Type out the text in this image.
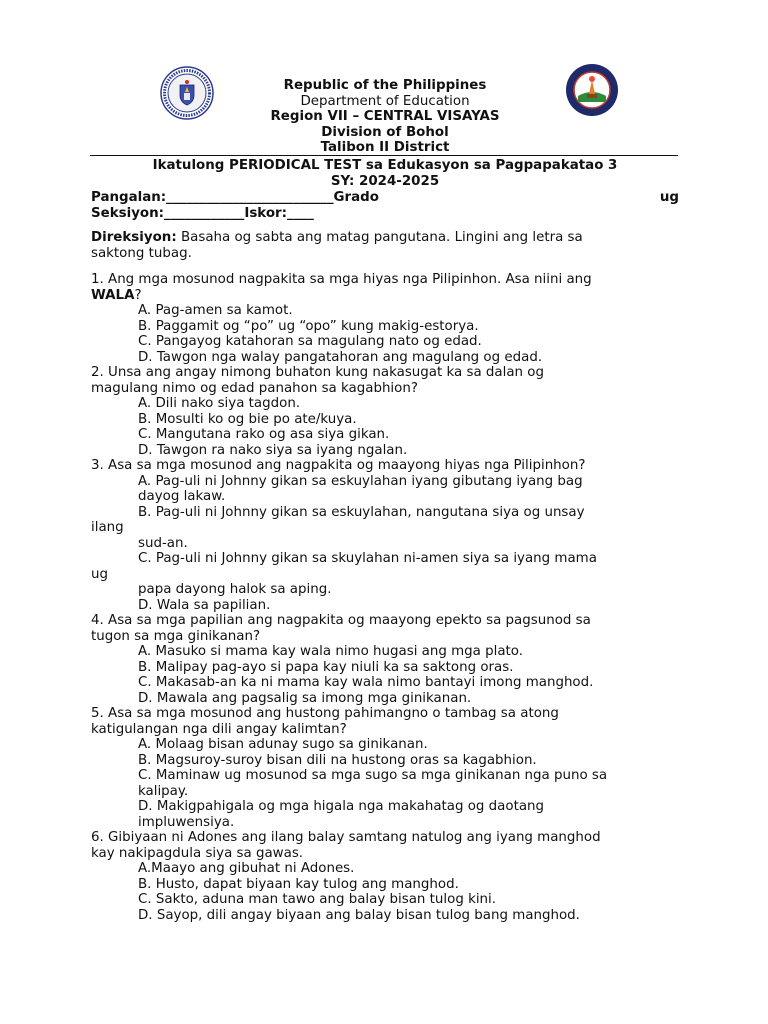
Republic of the Philippines
Department of Education
Region VII – CENTRAL VISAYAS
Division of Bohol
Talibon II District
Ikatulong PERIODICAL TEST sa Edukasyon sa Pagpapakatao 3
SY: 2024-2025
Pangalan:_________________________Grado	ug
Seksiyon:____________Iskor:____
Direksiyon: Basaha og sabta ang matag pangutana. Lingini ang letra sa
saktong tubag.
1. Ang mga mosunod nagpakita sa mga hiyas nga Pilipinhon. Asa niini ang
WALA?
A. Pag-amen sa kamot.
B. Paggamit og “po” ug “opo” kung makig-estorya.
C. Pangayog katahoran sa magulang nato og edad.
D. Tawgon nga walay pangatahoran ang magulang og edad.
2. Unsa ang angay nimong buhaton kung nakasugat ka sa dalan og
magulang nimo og edad panahon sa kagabhion?
A. Dili nako siya tagdon.
B. Mosulti ko og bie po ate/kuya.
C. Mangutana rako og asa siya gikan.
D. Tawgon ra nako siya sa iyang ngalan.
3. Asa sa mga mosunod ang nagpakita og maayong hiyas nga Pilipinhon?
A. Pag-uli ni Johnny gikan sa eskuylahan iyang gibutang iyang bag
dayog lakaw.
B. Pag-uli ni Johnny gikan sa eskuylahan, nangutana siya og unsay
ilang
sud-an.
C. Pag-uli ni Johnny gikan sa skuylahan ni-amen siya sa iyang mama
ug
papa dayong halok sa aping.
D. Wala sa papilian.
4. Asa sa mga papilian ang nagpakita og maayong epekto sa pagsunod sa
tugon sa mga ginikanan?
A. Masuko si mama kay wala nimo hugasi ang mga plato.
B. Malipay pag-ayo si papa kay niuli ka sa saktong oras.
C. Makasab-an ka ni mama kay wala nimo bantayi imong manghod.
D. Mawala ang pagsalig sa imong mga ginikanan.
5. Asa sa mga mosunod ang hustong pahimangno o tambag sa atong
katigulangan nga dili angay kalimtan?
A. Molaag bisan adunay sugo sa ginikanan.
B. Magsuroy-suroy bisan dili na hustong oras sa kagabhion.
C. Maminaw ug mosunod sa mga sugo sa mga ginikanan nga puno sa
kalipay.
D. Makigpahigala og mga higala nga makahatag og daotang
impluwensiya.
6. Gibiyaan ni Adones ang ilang balay samtang natulog ang iyang manghod
kay nakipagdula siya sa gawas.
A.Maayo ang gibuhat ni Adones.
B. Husto, dapat biyaan kay tulog ang manghod.
C. Sakto, aduna man tawo ang balay bisan tulog kini.
D. Sayop, dili angay biyaan ang balay bisan tulog bang manghod.
